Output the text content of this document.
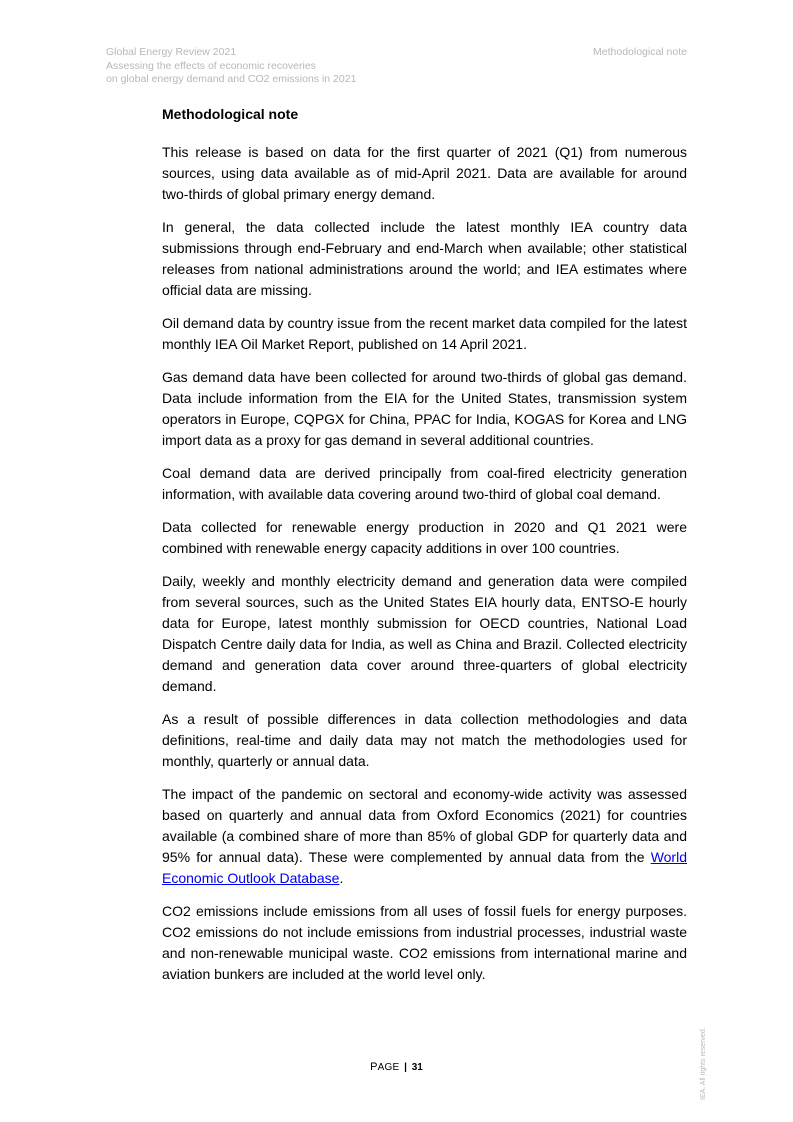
Global Energy Review 2021
Assessing the effects of economic recoveries
on global energy demand and CO2 emissions in 2021
Methodological note
Methodological note

This release is based on data for the first quarter of 2021 (Q1) from numerous sources, using data available as of mid-April 2021. Data are available for around two-thirds of global primary energy demand.

In general, the data collected include the latest monthly IEA country data submissions through end-February and end-March when available; other statistical releases from national administrations around the world; and IEA estimates where official data are missing.

Oil demand data by country issue from the recent market data compiled for the latest monthly IEA Oil Market Report, published on 14 April 2021.

Gas demand data have been collected for around two-thirds of global gas demand. Data include information from the EIA for the United States, transmission system operators in Europe, CQPGX for China, PPAC for India, KOGAS for Korea and LNG import data as a proxy for gas demand in several additional countries.

Coal demand data are derived principally from coal-fired electricity generation information, with available data covering around two-third of global coal demand.

Data collected for renewable energy production in 2020 and Q1 2021 were combined with renewable energy capacity additions in over 100 countries.

Daily, weekly and monthly electricity demand and generation data were compiled from several sources, such as the United States EIA hourly data, ENTSO-E hourly data for Europe, latest monthly submission for OECD countries, National Load Dispatch Centre daily data for India, as well as China and Brazil. Collected electricity demand and generation data cover around three-quarters of global electricity demand.

As a result of possible differences in data collection methodologies and data definitions, real-time and daily data may not match the methodologies used for monthly, quarterly or annual data.

The impact of the pandemic on sectoral and economy-wide activity was assessed based on quarterly and annual data from Oxford Economics (2021) for countries available (a combined share of more than 85% of global GDP for quarterly data and 95% for annual data). These were complemented by annual data from the World Economic Outlook Database.

CO2 emissions include emissions from all uses of fossil fuels for energy purposes. CO2 emissions do not include emissions from industrial processes, industrial waste and non-renewable municipal waste. CO2 emissions from international marine and aviation bunkers are included at the world level only.

PAGE | 31	IEA. All rights reserved.
